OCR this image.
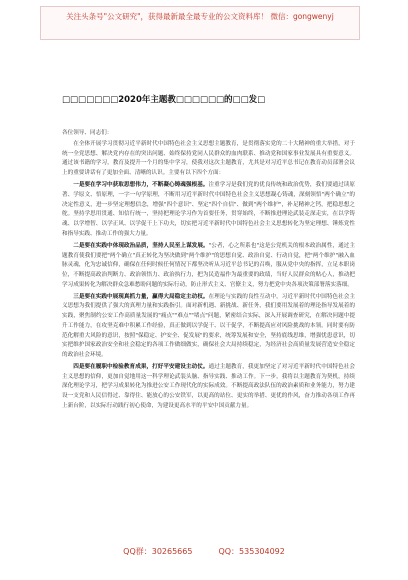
关注头条号"公文研究"，获得最新最全最专业的公文资料库！ 微信：gongwenyj
□□□□□□□2020年主题教□□□□□□的□□发□
各位领导、同志们：

在全体开展学习贯彻习近平新时代中国特色社会主义思想主题教育，是贯彻落实党的二十大精神的重大举措，对于统一全党思想、解决党内存在的突出问题、始终保持党同人民群众的血肉联系、推动党和国家事业发展具有重要意义。通过该书籍的学习，教育及提升一个月的集中学习，使我对这次主题教育，尤其是对习近平总书记在教育动员部署会议上的重要讲话有了更加全面、清晰的认识。主要有以下四个方面：

一是要在学习中获取思想伟力，不断凝心铸魂强根基。注重学习是我们党的优良传统和政治优势，我们要通过读原著、学原文、悟原理，一字一句学原理，不断用习近平新时代中国特色社会主义思想凝心铸魂，深刻领悟"两个确立"的决定性意义，进一步坚定理想信念，增强"四个意识"、坚定"四个自信"、做到"两个维护"，补足精神之钙，把稳思想之舵。坚持学思用贯通、知信行统一，坚持把理论学习作为首要任务，贯穿始终，不断推进理论武装走深走实，在以学铸魂、以学增智、以学正风、以学促干上下功夫，切实把习近平新时代中国特色社会主义思想转化为坚定理想、锤炼党性和指导实践、推动工作的强大力量。

二是要在实践中体现政治品质，坚持人民至上谋发展。"公者，心之所系也"这是公党机关的根本政治属性，通过主题教育使我们要把"两个确立"真正转化为坚决做到"两个维护"的思想自觉、政治自觉、行动自觉，把"两个维护"融入血脉灵魂，化为忠诚信仰，确保在任何时候任何情况下都坚决听从习近平总书记的召唤，服从党中央的指挥，立足本职岗位，不断提高政治判断力、政治领悟力、政治执行力，把为民造福作为最重要的政绩，当好人民群众的贴心人，推动把学习成果转化为解决群众急难愁盼问题的实际行动，防止形式主义、官僚主义，努力把党中央各项决策部署落实落细。

三是要在实践中展现真抓力量，赢得大局稳定主动权。在理论与实践的良性互动中，习近平新时代中国特色社会主义思想为我们提供了强大的真理力量和实践指引。面对新机遇、新挑战、新任务，我们要用发展着的理论指导发展着的实践，聚焦制约公安工作高质量发展的"痛点""难点""堵点"问题，紧密结合实际，深入开展调查研究，在解决问题中提升工作能力，在攻坚克难中积累工作经验，真正做到以学促干、以干促学，不断提高应对风险挑战的本领。同时要有防范化解重大风险的意识，按照"保稳定、护安全、促发展"的要求，统筹发展和安全，坚持底线思维，增强忧患意识，切实把维护国家政治安全和社会稳定的各项工作做细做实，确保社会大局持续稳定，为经济社会高质量发展营造安全稳定的政治社会环境。

四是要在履职中检验教育成果，打好平安建设主动仗。通过主题教育，我更加坚定了对习近平新时代中国特色社会主义思想的信仰，更加自觉地用这一科学理论武装头脑、指导实践、推动工作。下一步，我将以主题教育为契机，持续深化理论学习，把学习成果转化为推进公安工作现代化的实际成效。不断提高政法队伍的政治素质和业务能力，努力建设一支党和人民信得过、靠得住、能放心的公安铁军，以更高的站位、更实的举措、更优的作风，奋力推动各项工作再上新台阶，以实际行动践行初心使命，为建设更高水平的平安中国贡献力量。

QQ群：30265665	QQ：535304092
